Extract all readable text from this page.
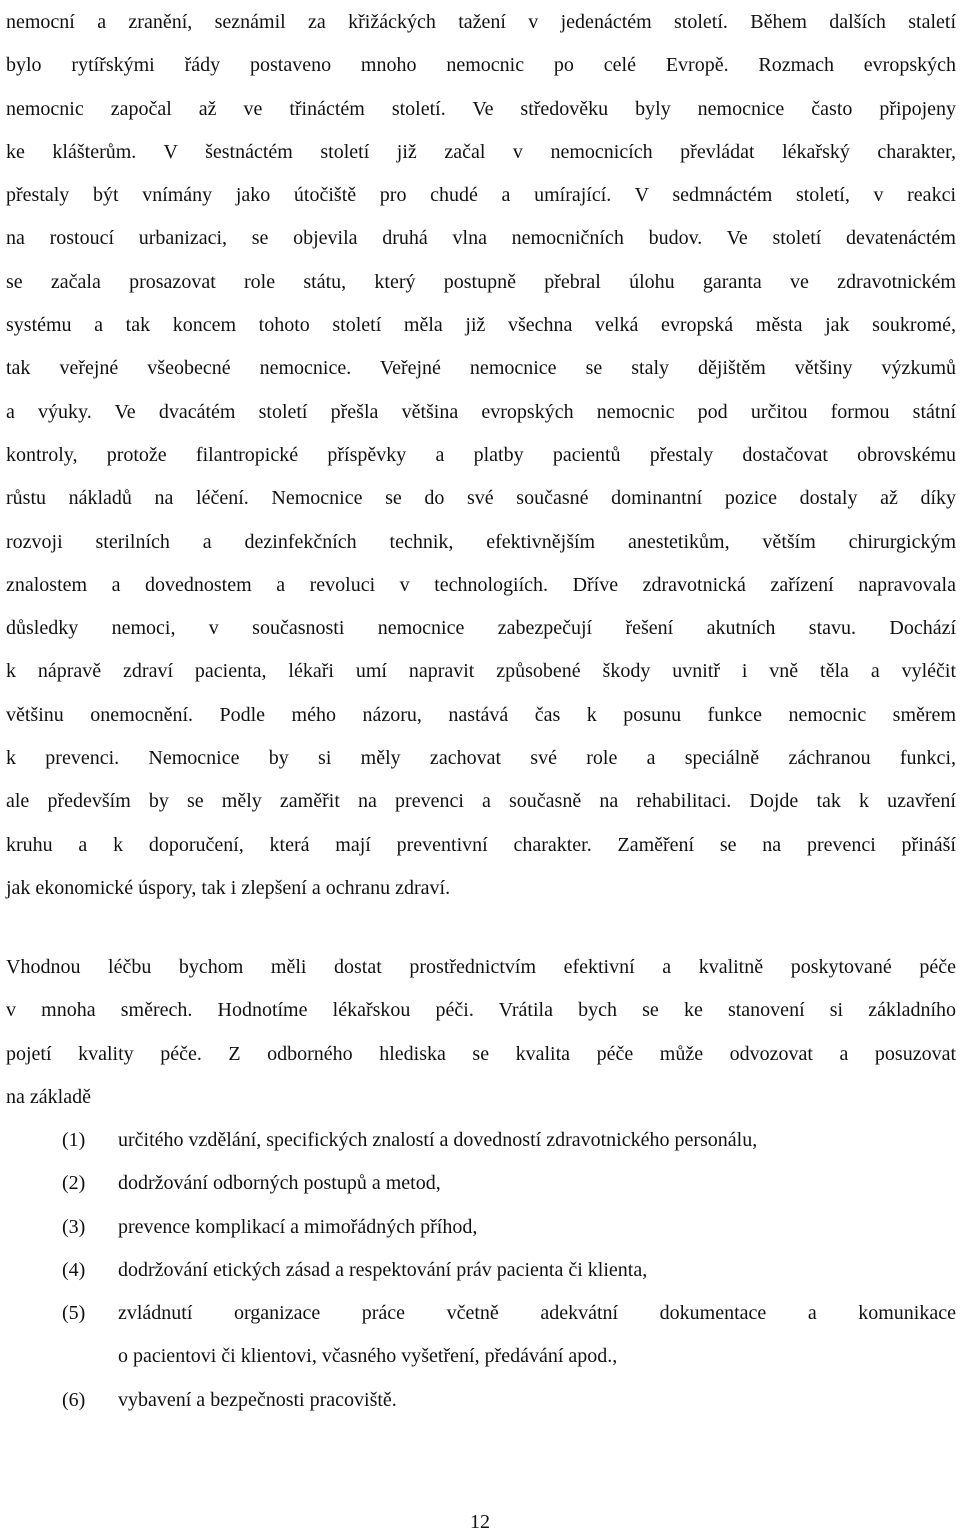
nemocní a zranění, seznámil za křižáckých tažení v jedenáctém století. Během dalších staletí
bylo rytířskými řády postaveno mnoho nemocnic po celé Evropě. Rozmach evropských
nemocnic započal až ve třináctém století. Ve středověku byly nemocnice často připojeny
ke klášterům. V šestnáctém století již začal v nemocnicích převládat lékařský charakter,
přestaly být vnímány jako útočiště pro chudé a umírající. V sedmnáctém století, v reakci
na rostoucí urbanizaci, se objevila druhá vlna nemocničních budov. Ve století devatenáctém
se začala prosazovat role státu, který postupně přebral úlohu garanta ve zdravotnickém
systému a tak koncem tohoto století měla již všechna velká evropská města jak soukromé,
tak veřejné všeobecné nemocnice. Veřejné nemocnice se staly dějištěm většiny výzkumů
a výuky. Ve dvacátém století přešla většina evropských nemocnic pod určitou formou státní
kontroly, protože filantropické příspěvky a platby pacientů přestaly dostačovat obrovskému
růstu nákladů na léčení. Nemocnice se do své současné dominantní pozice dostaly až díky
rozvoji sterilních a dezinfekčních technik, efektivnějším anestetikům, větším chirurgickým
znalostem a dovednostem a revoluci v technologiích. Dříve zdravotnická zařízení napravovala
důsledky nemoci, v současnosti nemocnice zabezpečují řešení akutních stavu. Dochází
k nápravě zdraví pacienta, lékaři umí napravit způsobené škody uvnitř i vně těla a vyléčit
většinu onemocnění. Podle mého názoru, nastává čas k posunu funkce nemocnic směrem
k prevenci. Nemocnice by si měly zachovat své role a speciálně záchranou funkci,
ale především by se měly zaměřit na prevenci a současně na rehabilitaci. Dojde tak k uzavření
kruhu a k doporučení, která mají preventivní charakter. Zaměření se na prevenci přináší
jak ekonomické úspory, tak i zlepšení a ochranu zdraví.
Vhodnou léčbu bychom měli dostat prostřednictvím efektivní a kvalitně poskytované péče
v mnoha směrech. Hodnotíme lékařskou péči. Vrátila bych se ke stanovení si základního
pojetí kvality péče. Z odborného hlediska se kvalita péče může odvozovat a posuzovat
na základě
(1) určitého vzdělání, specifických znalostí a dovedností zdravotnického personálu,
(2) dodržování odborných postupů a metod,
(3) prevence komplikací a mimořádných příhod,
(4) dodržování etických zásad a respektování práv pacienta či klienta,
(5) zvládnutí organizace práce včetně adekvátní dokumentace a komunikace
o pacientovi či klientovi, včasného vyšetření, předávání apod.,
(6) vybavení a bezpečnosti pracoviště.
12
